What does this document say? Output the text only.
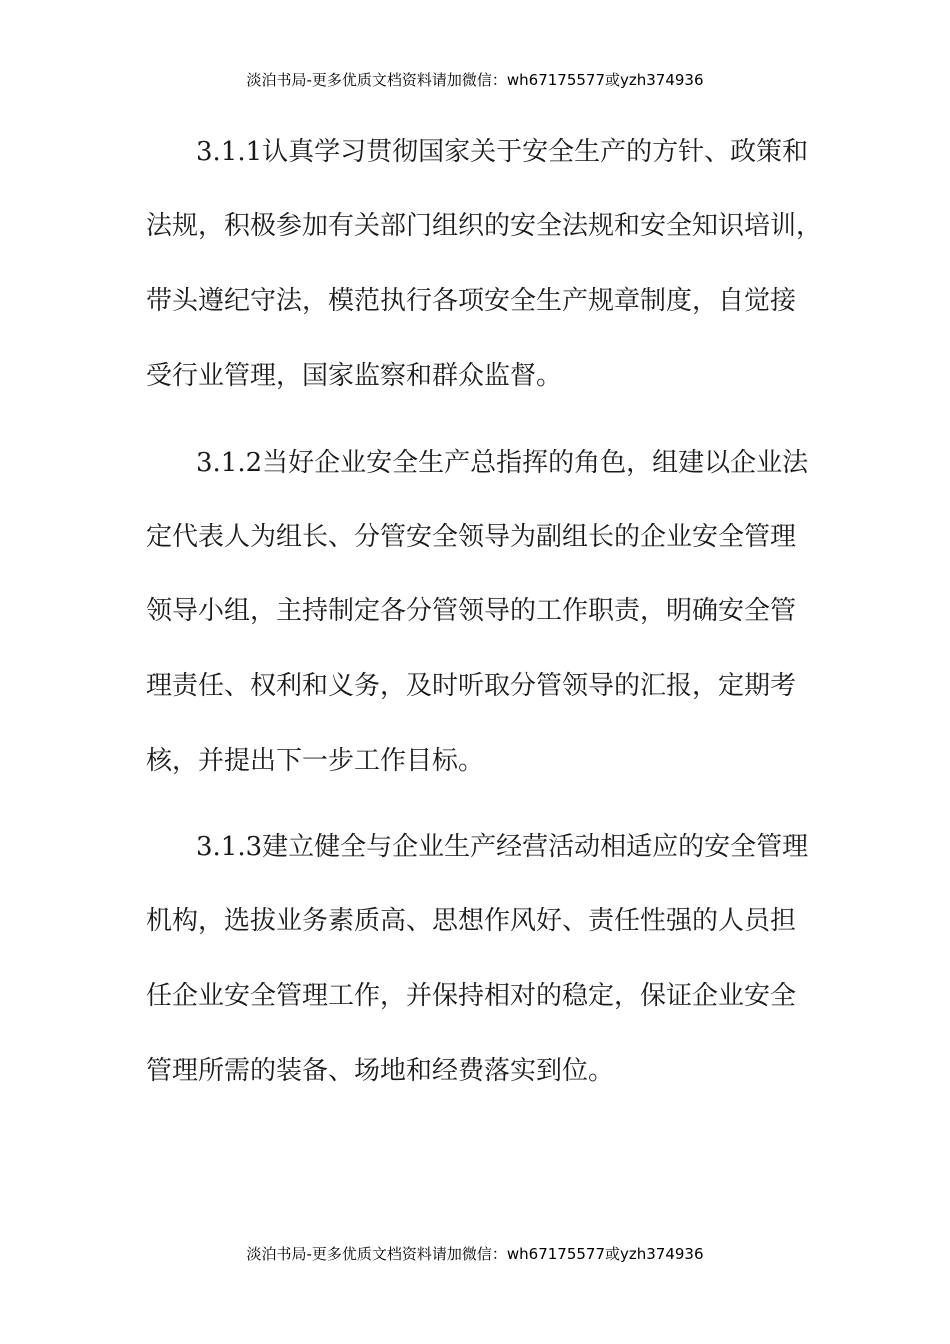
淡泊书局-更多优质文档资料请加微信：wh67175577或yzh374936
3.1.1认真学习贯彻国家关于安全生产的方针、政策和
法规，积极参加有关部门组织的安全法规和安全知识培训，
带头遵纪守法，模范执行各项安全生产规章制度，自觉接
受行业管理，国家监察和群众监督。
3.1.2当好企业安全生产总指挥的角色，组建以企业法
定代表人为组长、分管安全领导为副组长的企业安全管理
领导小组，主持制定各分管领导的工作职责，明确安全管
理责任、权利和义务，及时听取分管领导的汇报，定期考
核，并提出下一步工作目标。
3.1.3建立健全与企业生产经营活动相适应的安全管理
机构，选拔业务素质高、思想作风好、责任性强的人员担
任企业安全管理工作，并保持相对的稳定，保证企业安全
管理所需的装备、场地和经费落实到位。
淡泊书局-更多优质文档资料请加微信：wh67175577或yzh374936
